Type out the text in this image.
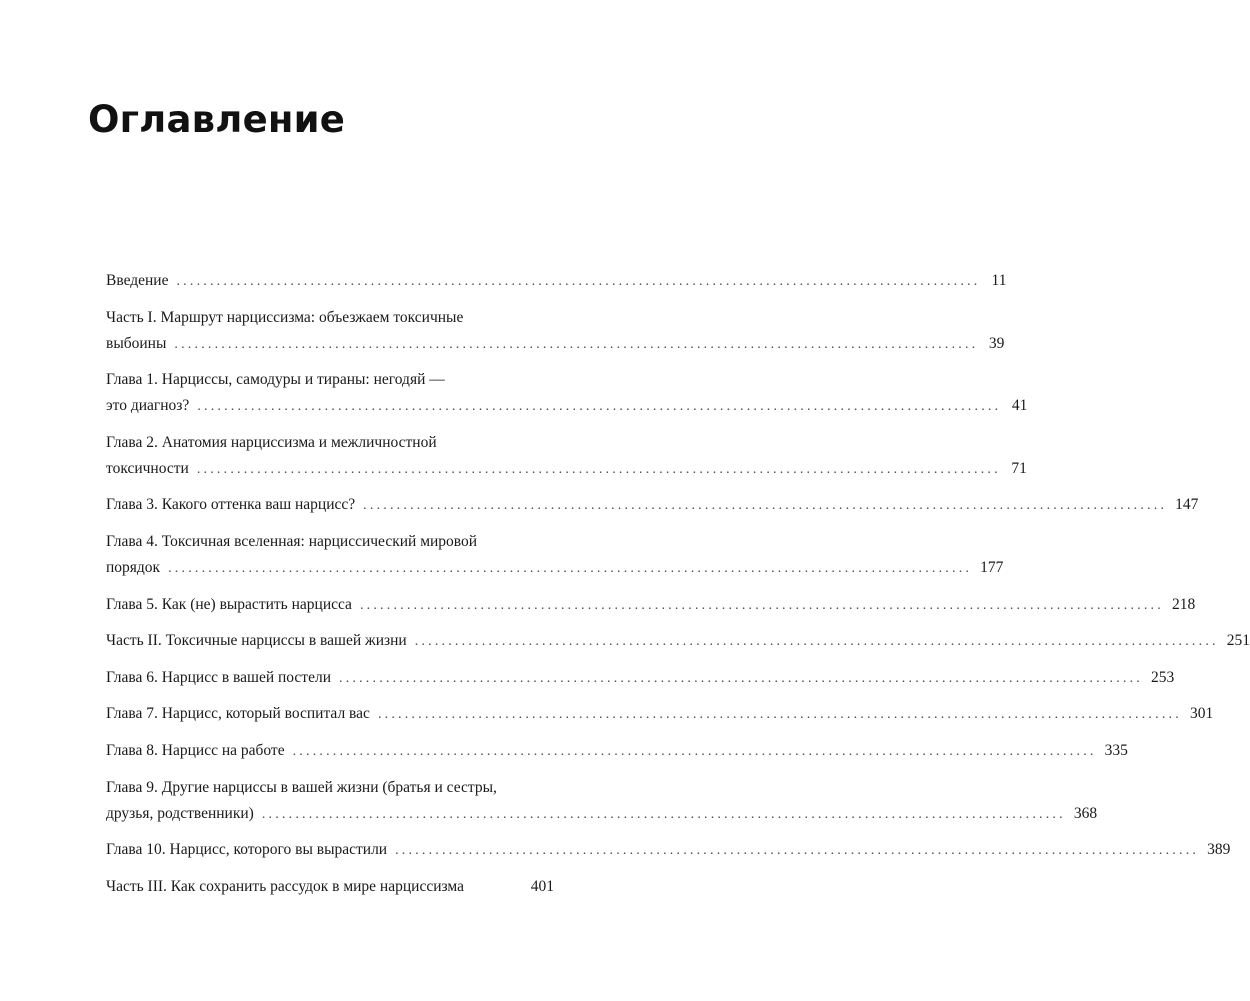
Оглавление
Введение ........................................................................................................................ 11
Часть I. Маршрут нарциссизма: объезжаем токсичные
выбоины ........................................................................................................................ 39
Глава 1. Нарциссы, самодуры и тираны: негодяй —
это диагноз? ........................................................................................................................ 41
Глава 2. Анатомия нарциссизма и межличностной
токсичности ........................................................................................................................ 71
Глава 3. Какого оттенка ваш нарцисс? ........................................................................................................................ 147
Глава 4. Токсичная вселенная: нарциссический мировой
порядок ........................................................................................................................ 177
Глава 5. Как (не) вырастить нарцисса ........................................................................................................................ 218
Часть II. Токсичные нарциссы в вашей жизни ........................................................................................................................ 251
Глава 6. Нарцисс в вашей постели ........................................................................................................................ 253
Глава 7. Нарцисс, который воспитал вас ........................................................................................................................ 301
Глава 8. Нарцисс на работе ........................................................................................................................ 335
Глава 9. Другие нарциссы в вашей жизни (братья и сестры,
друзья, родственники) ........................................................................................................................ 368
Глава 10. Нарцисс, которого вы вырастили ........................................................................................................................ 389
Часть III. Как сохранить рассудок в мире нарциссизма	401
